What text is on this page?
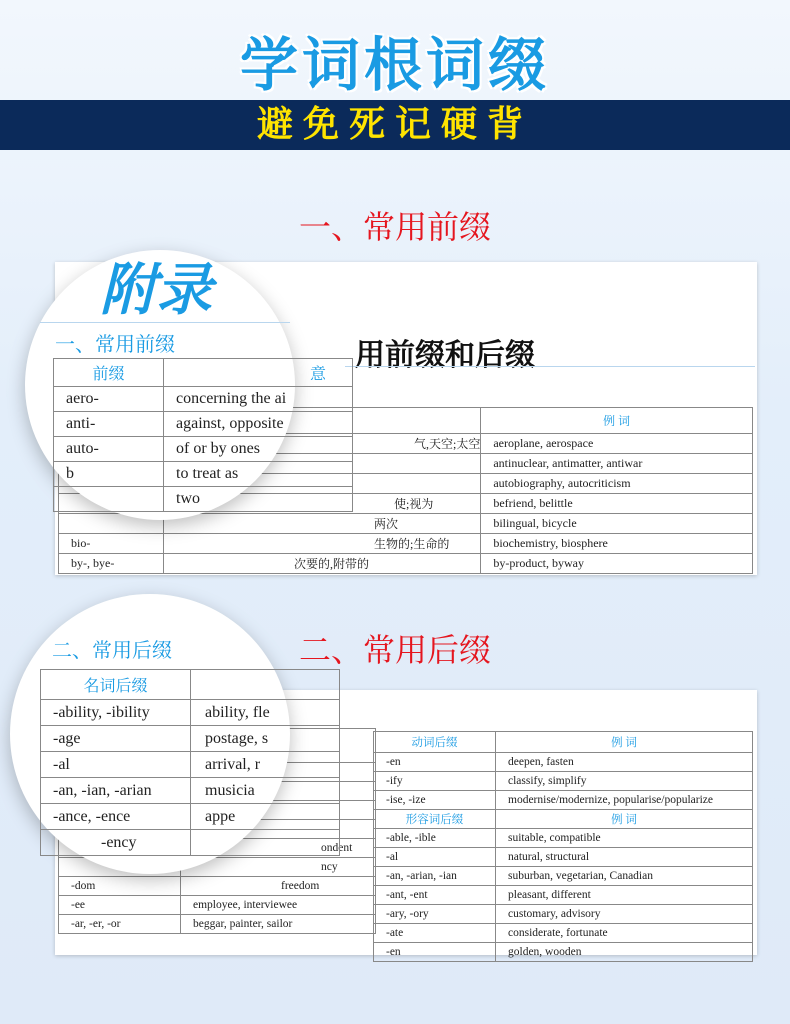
学词根词缀
避免死记硬背
一、常用前缀
用前缀和后缀
		例 词
	气,天空;太空	aeroplane, aerospace
		antinuclear, antimatter, antiwar
		autobiography, autocriticism
	使;视为	befriend, belittle
	两次	bilingual, bicycle
bio-	生物的;生命的	biochemistry, biosphere
by-, bye-	次要的,附带的	by-product, byway
附录
一、常用前缀
前缀	意
aero-	concerning the ai
anti-	against, opposite
auto-	of or by ones
b	to treat as
	two
二、常用后缀

	ondent
	ncy
-dom	freedom
-ee	employee, interviewee
-ar, -er, -or	beggar, painter, sailor
动词后缀	例 词
-en	deepen, fasten
-ify	classify, simplify
-ise, -ize	modernise/modernize, popularise/popularize
形容词后缀	例 词
-able, -ible	suitable, compatible
-al	natural, structural
-an, -arian, -ian	suburban, vegetarian, Canadian
-ant, -ent	pleasant, different
-ary, -ory	customary, advisory
-ate	considerate, fortunate
-en	golden, wooden
二、常用后缀
名词后缀	
-ability, -ibility	ability, fle
-age	postage, s
-al	arrival, r
-an, -ian, -arian	musicia
-ance, -ence	appe
-ency	
